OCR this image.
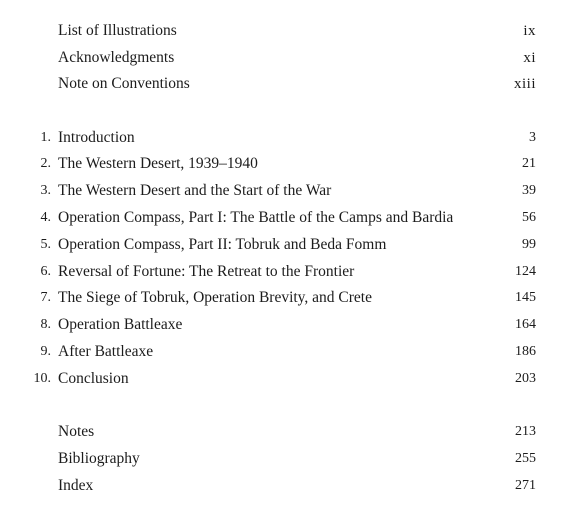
List of Illustrations	ix
Acknowledgments	xi
Note on Conventions	xiii
1. Introduction	3
2. The Western Desert, 1939–1940	21
3. The Western Desert and the Start of the War	39
4. Operation Compass, Part I: The Battle of the Camps and Bardia	56
5. Operation Compass, Part II: Tobruk and Beda Fomm	99
6. Reversal of Fortune: The Retreat to the Frontier	124
7. The Siege of Tobruk, Operation Brevity, and Crete	145
8. Operation Battleaxe	164
9. After Battleaxe	186
10. Conclusion	203
Notes	213
Bibliography	255
Index	271
